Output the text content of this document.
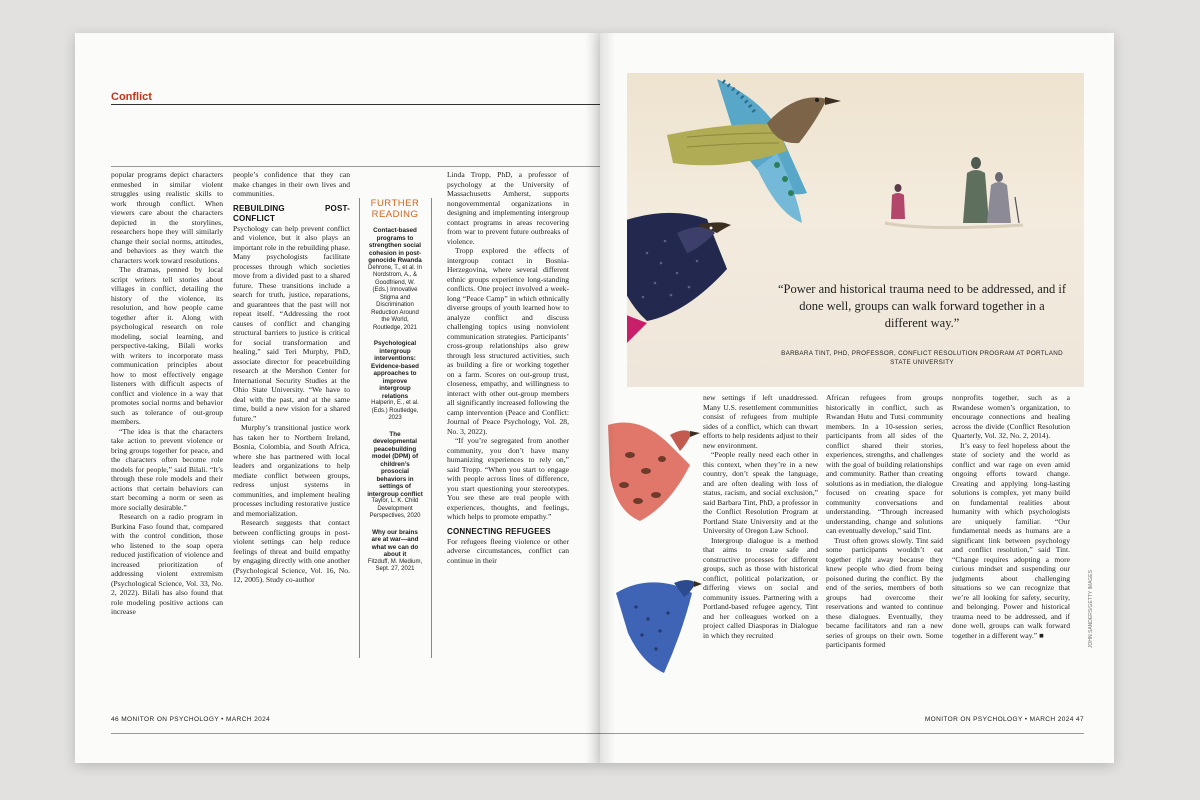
Conflict

popular programs depict characters enmeshed in similar violent struggles using realistic skills to work through conflict. When viewers care about the characters depicted in the storylines, researchers hope they will similarly change their social norms, attitudes, and behaviors as they watch the characters work toward resolutions.

The dramas, penned by local script writers tell stories about villages in conflict, detailing the history of the violence, its resolution, and how people came together after it. Along with psychological research on role modeling, social learning, and perspective-taking, Bilali works with writers to incorporate mass communication principles about how to most effectively engage listeners with difficult aspects of conflict and violence in a way that promotes social norms and behavior such as tolerance of out-group members.

“The idea is that the characters take action to prevent violence or bring groups together for peace, and the characters often become role models for people,” said Bilali. “It’s through these role models and their actions that certain behaviors can start becoming a norm or seen as more socially desirable.”

Research on a radio program in Burkina Faso found that, compared with the control condition, those who listened to the soap opera reduced justification of violence and increased prioritization of addressing violent extremism (Psychological Science, Vol. 33, No. 2, 2022). Bilali has also found that role modeling positive actions can increase

people’s confidence that they can make changes in their own lives and communities.

REBUILDING POST-CONFLICT

Psychology can help prevent conflict and violence, but it also plays an important role in the rebuilding phase. Many psychologists facilitate processes through which societies move from a divided past to a shared future. These transitions include a search for truth, justice, reparations, and guarantees that the past will not repeat itself. “Addressing the root causes of conflict and changing structural barriers to justice is critical for social transformation and healing,” said Teri Murphy, PhD, associate director for peacebuilding research at the Mershon Center for International Security Studies at the Ohio State University. “We have to deal with the past, and at the same time, build a new vision for a shared future.”

Murphy’s transitional justice work has taken her to Northern Ireland, Bosnia, Colombia, and South Africa, where she has partnered with local leaders and organizations to help mediate conflict between groups, redress unjust systems in communities, and implement healing processes including restorative justice and memorialization.

Research suggests that contact between conflicting groups in post-violent settings can help reduce feelings of threat and build empathy by engaging directly with one another (Psychological Science, Vol. 16, No. 12, 2005). Study co-author

FURTHER READING
Contact-based programs to strengthen social cohesion in post-genocide Rwanda
Dehrone, T., et al. In Nordstrom, A., & Goodfriend, W. (Eds.) Innovative Stigma and Discrimination Reduction Around the World, Routledge, 2021
Psychological intergroup interventions: Evidence-based approaches to improve intergroup relations
Halperin, E., et al. (Eds.) Routledge, 2023
The developmental peacebuilding model (DPM) of children’s prosocial behaviors in settings of intergroup conflict
Taylor, L. K. Child Development Perspectives, 2020
Why our brains are at war—and what we can do about it
Fitzduff, M. Medium, Sept. 27, 2021

Linda Tropp, PhD, a professor of psychology at the University of Massachusetts Amherst, supports nongovernmental organizations in designing and implementing intergroup contact programs in areas recovering from war to prevent future outbreaks of violence.

Tropp explored the effects of intergroup contact in Bosnia-Herzegovina, where several different ethnic groups experience long-standing conflicts. One project involved a week-long “Peace Camp” in which ethnically diverse groups of youth learned how to analyze conflict and discuss challenging topics using nonviolent communication strategies. Participants’ cross-group relationships also grew through less structured activities, such as building a fire or working together on a farm. Scores on out-group trust, closeness, empathy, and willingness to interact with other out-group members all significantly increased following the camp intervention (Peace and Conflict: Journal of Peace Psychology, Vol. 28, No. 3, 2022).

“If you’re segregated from another community, you don’t have many humanizing experiences to rely on,” said Tropp. “When you start to engage with people across lines of difference, you start questioning your stereotypes. You see these are real people with experiences, thoughts, and feelings, which helps to promote empathy.”

CONNECTING REFUGEES

For refugees fleeing violence or other adverse circumstances, conflict can continue in their

46 MONITOR ON PSYCHOLOGY • MARCH 2024
“Power and historical trauma need to be addressed, and if done well, groups can walk forward together in a different way.”
BARBARA TINT, PHD, PROFESSOR, CONFLICT RESOLUTION PROGRAM AT PORTLAND STATE UNIVERSITY

new settings if left unaddressed. Many U.S. resettlement communities consist of refugees from multiple sides of a conflict, which can thwart efforts to help residents adjust to their new environment.

“People really need each other in this context, when they’re in a new country, don’t speak the language, and are often dealing with loss of status, racism, and social exclusion,” said Barbara Tint, PhD, a professor in the Conflict Resolution Program at Portland State University and at the University of Oregon Law School.

Intergroup dialogue is a method that aims to create safe and constructive processes for different groups, such as those with historical conflict, political polarization, or differing views on social and community issues. Partnering with a Portland-based refugee agency, Tint and her colleagues worked on a project called Diasporas in Dialogue in which they recruited

African refugees from groups historically in conflict, such as Rwandan Hutu and Tutsi community members. In a 10-session series, participants from all sides of the conflict shared their stories, experiences, strengths, and challenges with the goal of building relationships and community. Rather than creating solutions as in mediation, the dialogue focused on creating space for community conversations and understanding. “Through increased understanding, change and solutions can eventually develop,” said Tint.

Trust often grows slowly. Tint said some participants wouldn’t eat together right away because they knew people who died from being poisoned during the conflict. By the end of the series, members of both groups had overcome their reservations and wanted to continue these dialogues. Eventually, they became facilitators and ran a new series of groups on their own. Some participants formed

nonprofits together, such as a Rwandese women’s organization, to encourage connections and healing across the divide (Conflict Resolution Quarterly, Vol. 32, No. 2, 2014).

It’s easy to feel hopeless about the state of society and the world as conflict and war rage on even amid ongoing efforts toward change. Creating and applying long-lasting solutions is complex, yet many build on fundamental realities about humanity with which psychologists are uniquely familiar. “Our fundamental needs as humans are a significant link between psychology and conflict resolution,” said Tint. “Change requires adopting a more curious mindset and suspending our judgments about challenging situations so we can recognize that we’re all looking for safety, security, and belonging. Power and historical trauma need to be addressed, and if done well, groups can walk forward together in a different way.” ■	JOHN SANDERS/GETTY IMAGES
MONITOR ON PSYCHOLOGY • MARCH 2024 47
